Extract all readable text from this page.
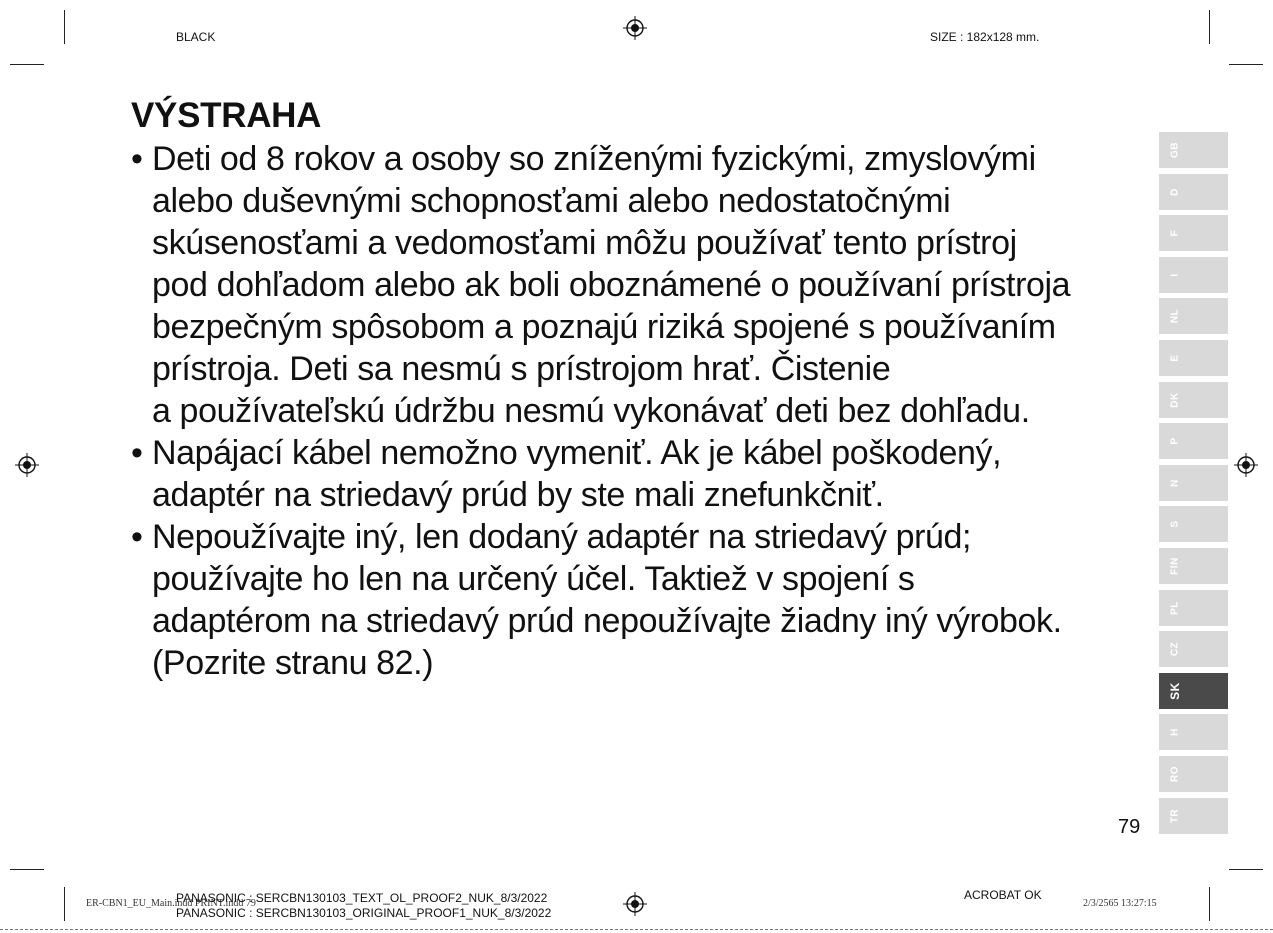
BLACK	SIZE : 182x128 mm.
VÝSTRAHA
• Deti od 8 rokov a osoby so zníženými fyzickými, zmyslovými
alebo duševnými schopnosťami alebo nedostatočnými
skúsenosťami a vedomosťami môžu používať tento prístroj
pod dohľadom alebo ak boli oboznámené o používaní prístroja
bezpečným spôsobom a poznajú riziká spojené s používaním
prístroja. Deti sa nesmú s prístrojom hrať. Čistenie
a používateľskú údržbu nesmú vykonávať deti bez dohľadu.
• Napájací kábel nemožno vymeniť. Ak je kábel poškodený,
adaptér na striedavý prúd by ste mali znefunkčniť.
• Nepoužívajte iný, len dodaný adaptér na striedavý prúd;
používajte ho len na určený účel. Taktiež v spojení s
adaptérom na striedavý prúd nepoužívajte žiadny iný výrobok.
(Pozrite stranu 82.)
GB
D
F
I
NL
E
DK
P
N
S
FIN
PL
CZ
SK
H
RO
TR
79
ER-CBN1_EU_Main.indd PRINT.indd 79
PANASONIC : SERCBN130103_TEXT_OL_PROOF2_NUK_8/3/2022
PANASONIC : SERCBN130103_ORIGINAL_PROOF1_NUK_8/3/2022
ACROBAT OK
2/3/2565 13:27:15
